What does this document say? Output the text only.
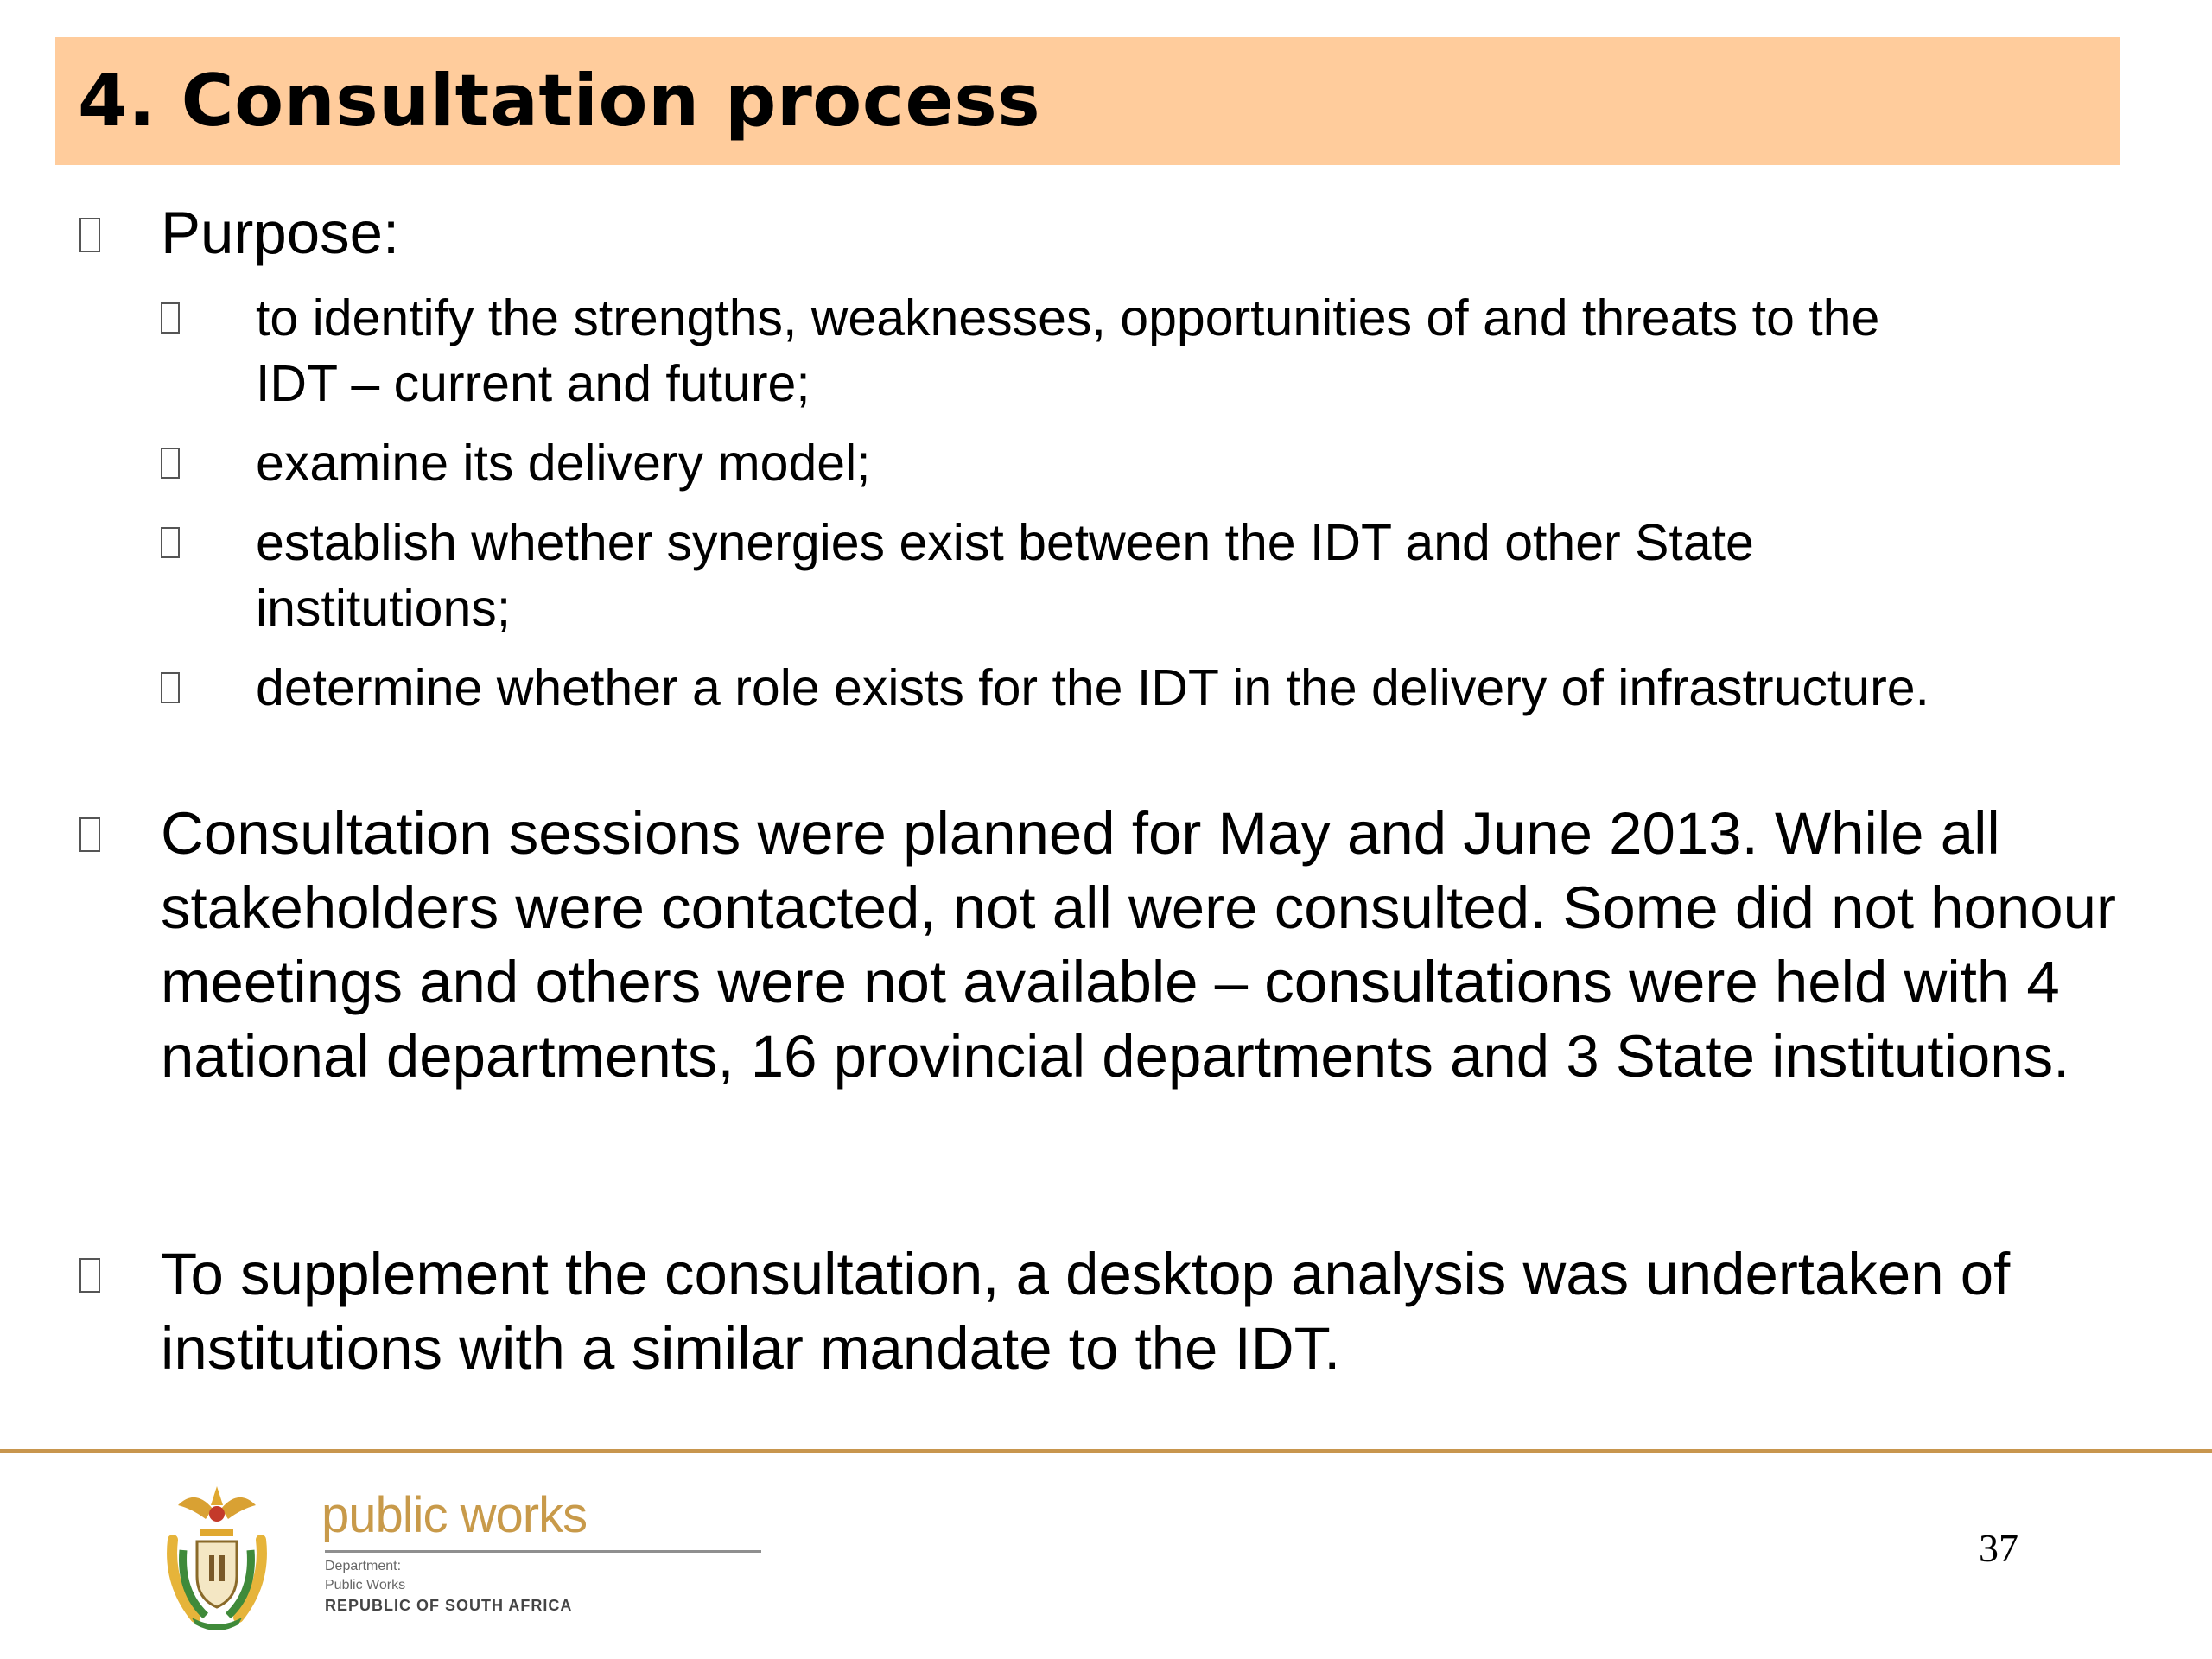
4. Consultation process

Purpose:

to identify the strengths, weaknesses, opportunities of and threats to the
IDT – current and future;

examine its delivery model;

establish whether synergies exist between the IDT and other State
institutions;

determine whether a role exists for the IDT in the delivery of infrastructure.

Consultation sessions were planned for May and June 2013. While all stakeholders were contacted, not all were consulted. Some did not honour meetings and others were not available – consultations were held with 4 national departments, 16 provincial departments and 3 State institutions.

To supplement the consultation, a desktop analysis was undertaken of institutions with a similar mandate to the IDT.

public works
Department:
Public Works
REPUBLIC OF SOUTH AFRICA
37
